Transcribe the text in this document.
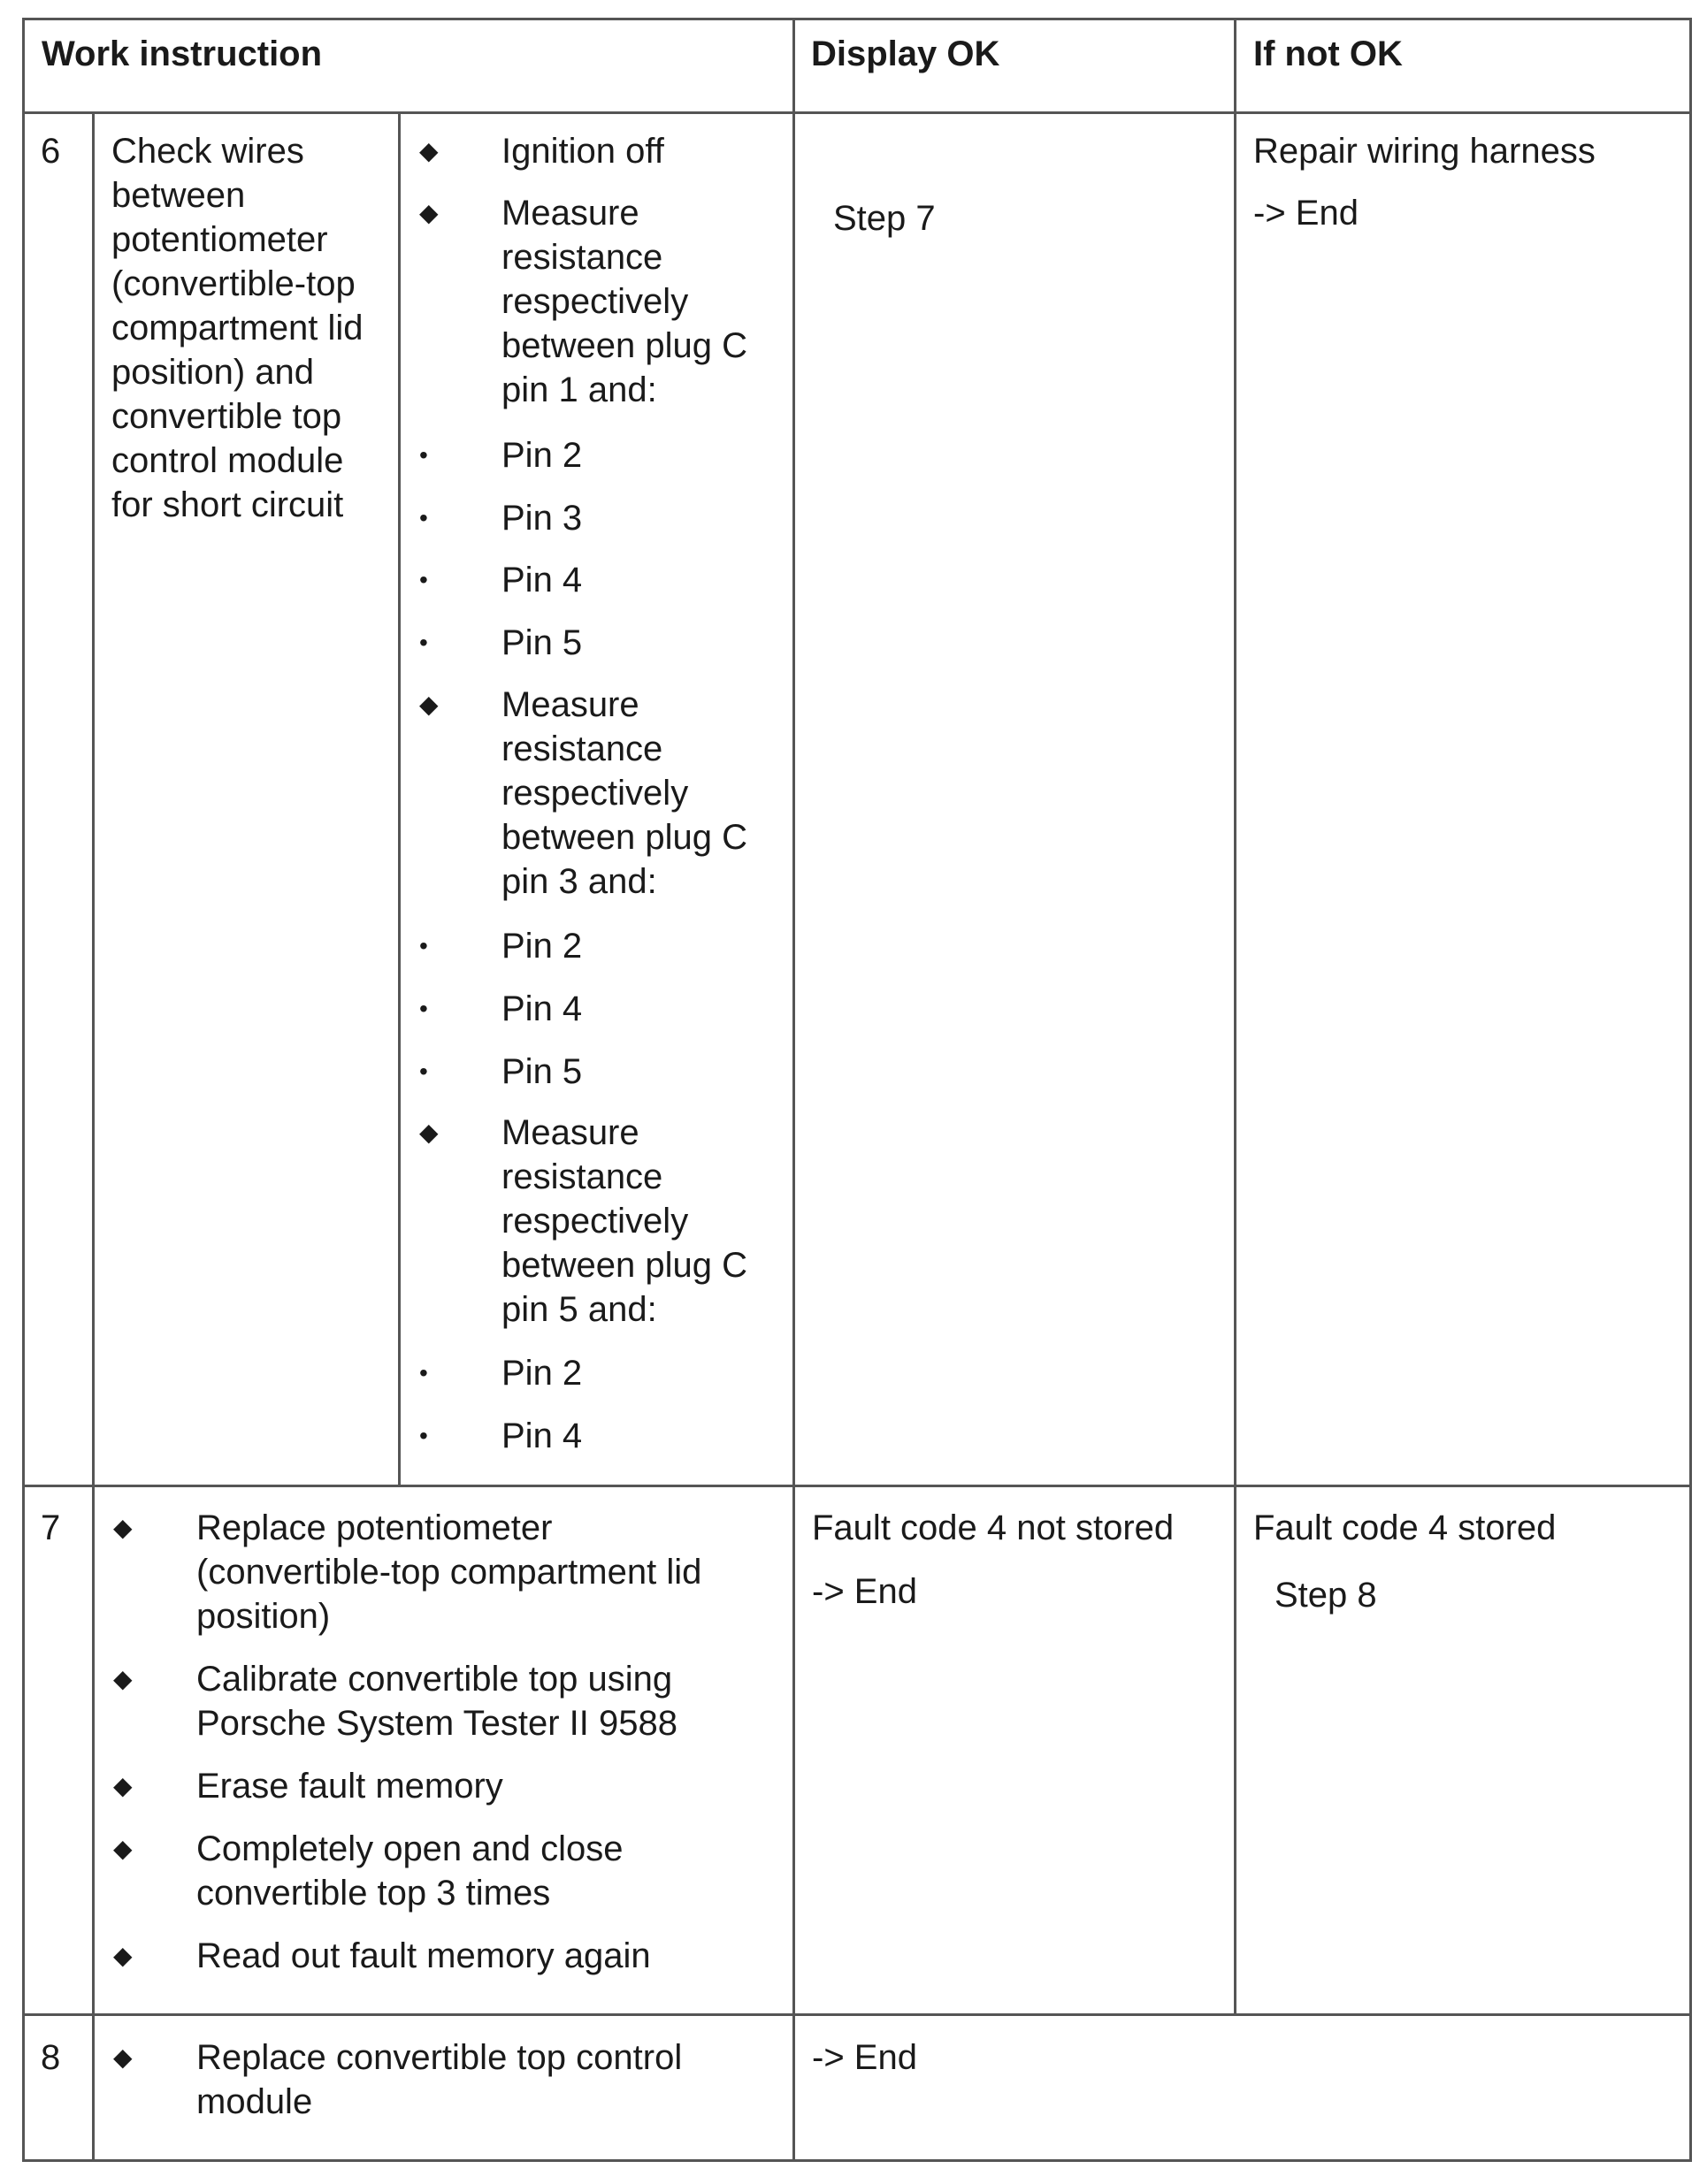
Work instruction	Display OK	If not OK
6 Check wires
between
potentiometer
(convertible-top
compartment lid
position) and
convertible top
control module
for short circuit
◆ Ignition off
◆ Measure
resistance
respectively
between plug C
pin 1 and:
• Pin 2
• Pin 3
• Pin 4
• Pin 5
◆ Measure
resistance
respectively
between plug C
pin 3 and:
• Pin 2
• Pin 4
• Pin 5
◆ Measure
resistance
respectively
between plug C
pin 5 and:
• Pin 2
• Pin 4
Step 7
Repair wiring harness
-> End
7 ◆ Replace potentiometer
(convertible-top compartment lid
position)
◆ Calibrate convertible top using
Porsche System Tester II 9588
◆ Erase fault memory
◆ Completely open and close
convertible top 3 times
◆ Read out fault memory again
Fault code 4 not stored
-> End
Fault code 4 stored
Step 8
8 ◆ Replace convertible top control
module
-> End
